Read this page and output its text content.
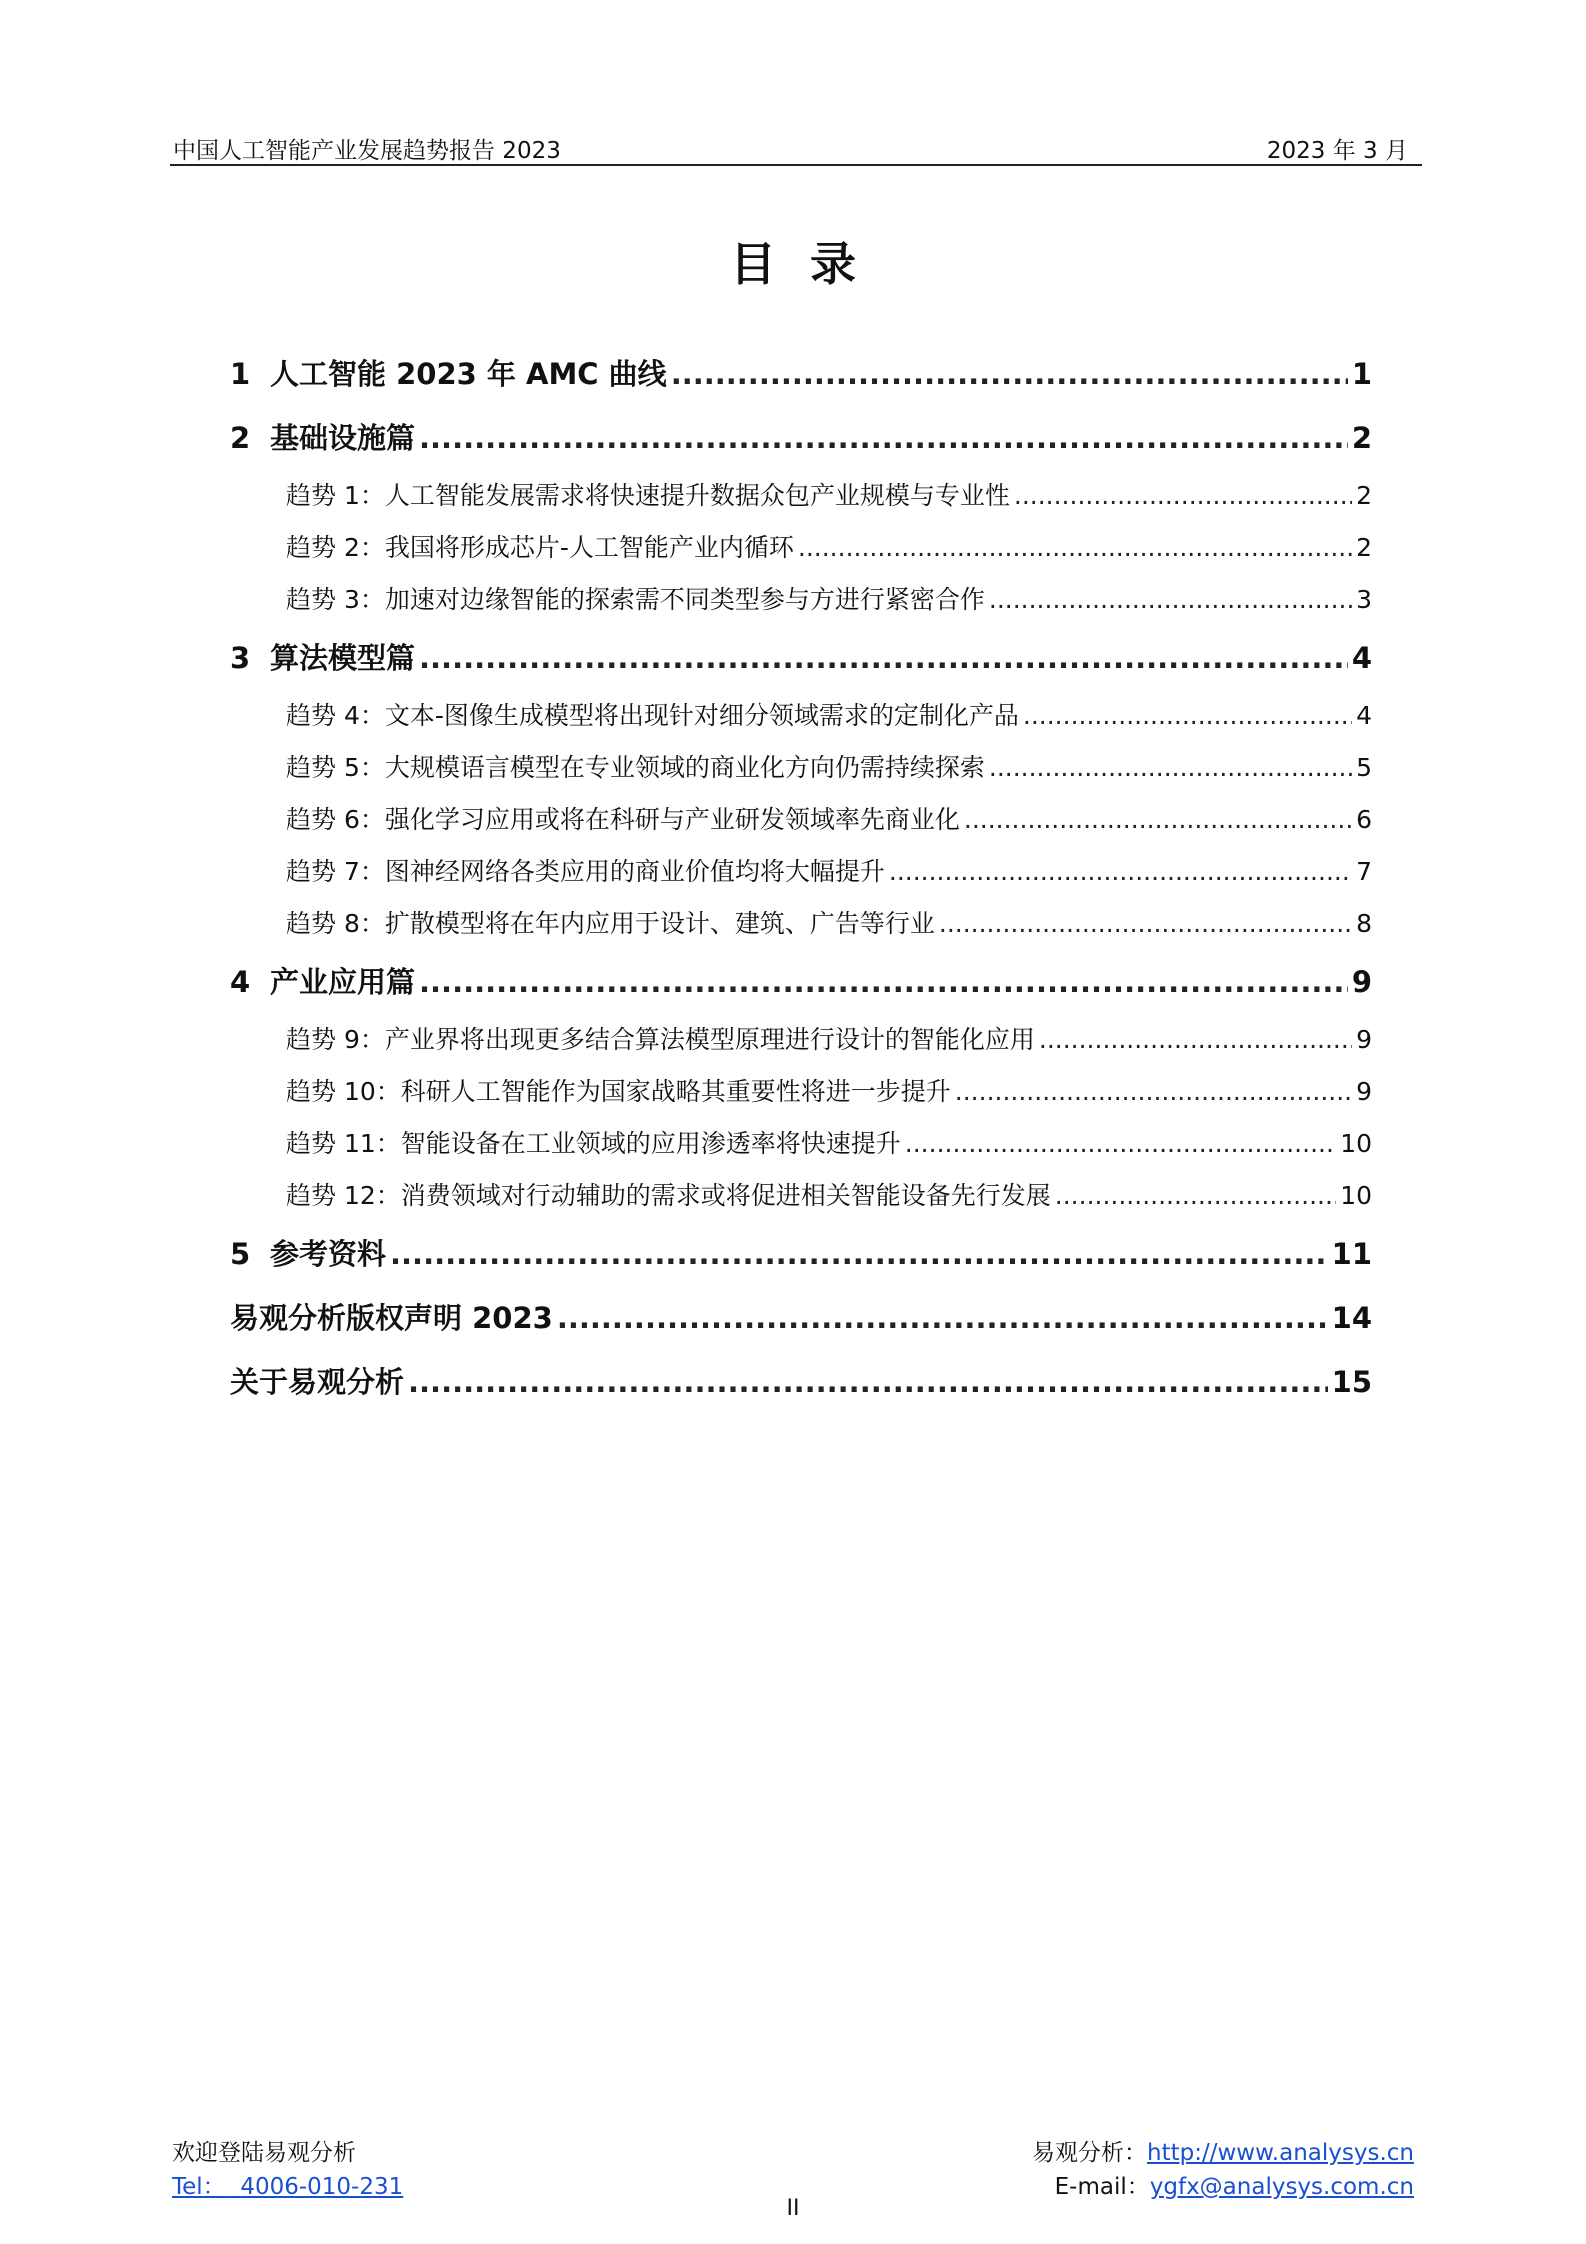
中国人工智能产业发展趋势报告 2023	2023 年 3 月
目录
1 人工智能 2023 年 AMC 曲线 .....	1
2 基础设施篇 .....	2
趋势 1：人工智能发展需求将快速提升数据众包产业规模与专业性 .....	2
趋势 2：我国将形成芯片-人工智能产业内循环 .....	2
趋势 3：加速对边缘智能的探索需不同类型参与方进行紧密合作 .....	3
3 算法模型篇 .....	4
趋势 4：文本-图像生成模型将出现针对细分领域需求的定制化产品 .....	4
趋势 5：大规模语言模型在专业领域的商业化方向仍需持续探索 .....	5
趋势 6：强化学习应用或将在科研与产业研发领域率先商业化 .....	6
趋势 7：图神经网络各类应用的商业价值均将大幅提升 .....	7
趋势 8：扩散模型将在年内应用于设计、建筑、广告等行业 .....	8
4 产业应用篇 .....	9
趋势 9：产业界将出现更多结合算法模型原理进行设计的智能化应用 .....	9
趋势 10：科研人工智能作为国家战略其重要性将进一步提升 .....	9
趋势 11：智能设备在工业领域的应用渗透率将快速提升 .....	10
趋势 12：消费领域对行动辅助的需求或将促进相关智能设备先行发展 .....	10
5 参考资料 .....	11
易观分析版权声明 2023 .....	14
关于易观分析 .....	15
欢迎登陆易观分析
Tel： 4006-010-231
易观分析：http://www.analysys.cn
E-mail：ygfx@analysys.com.cn
II
